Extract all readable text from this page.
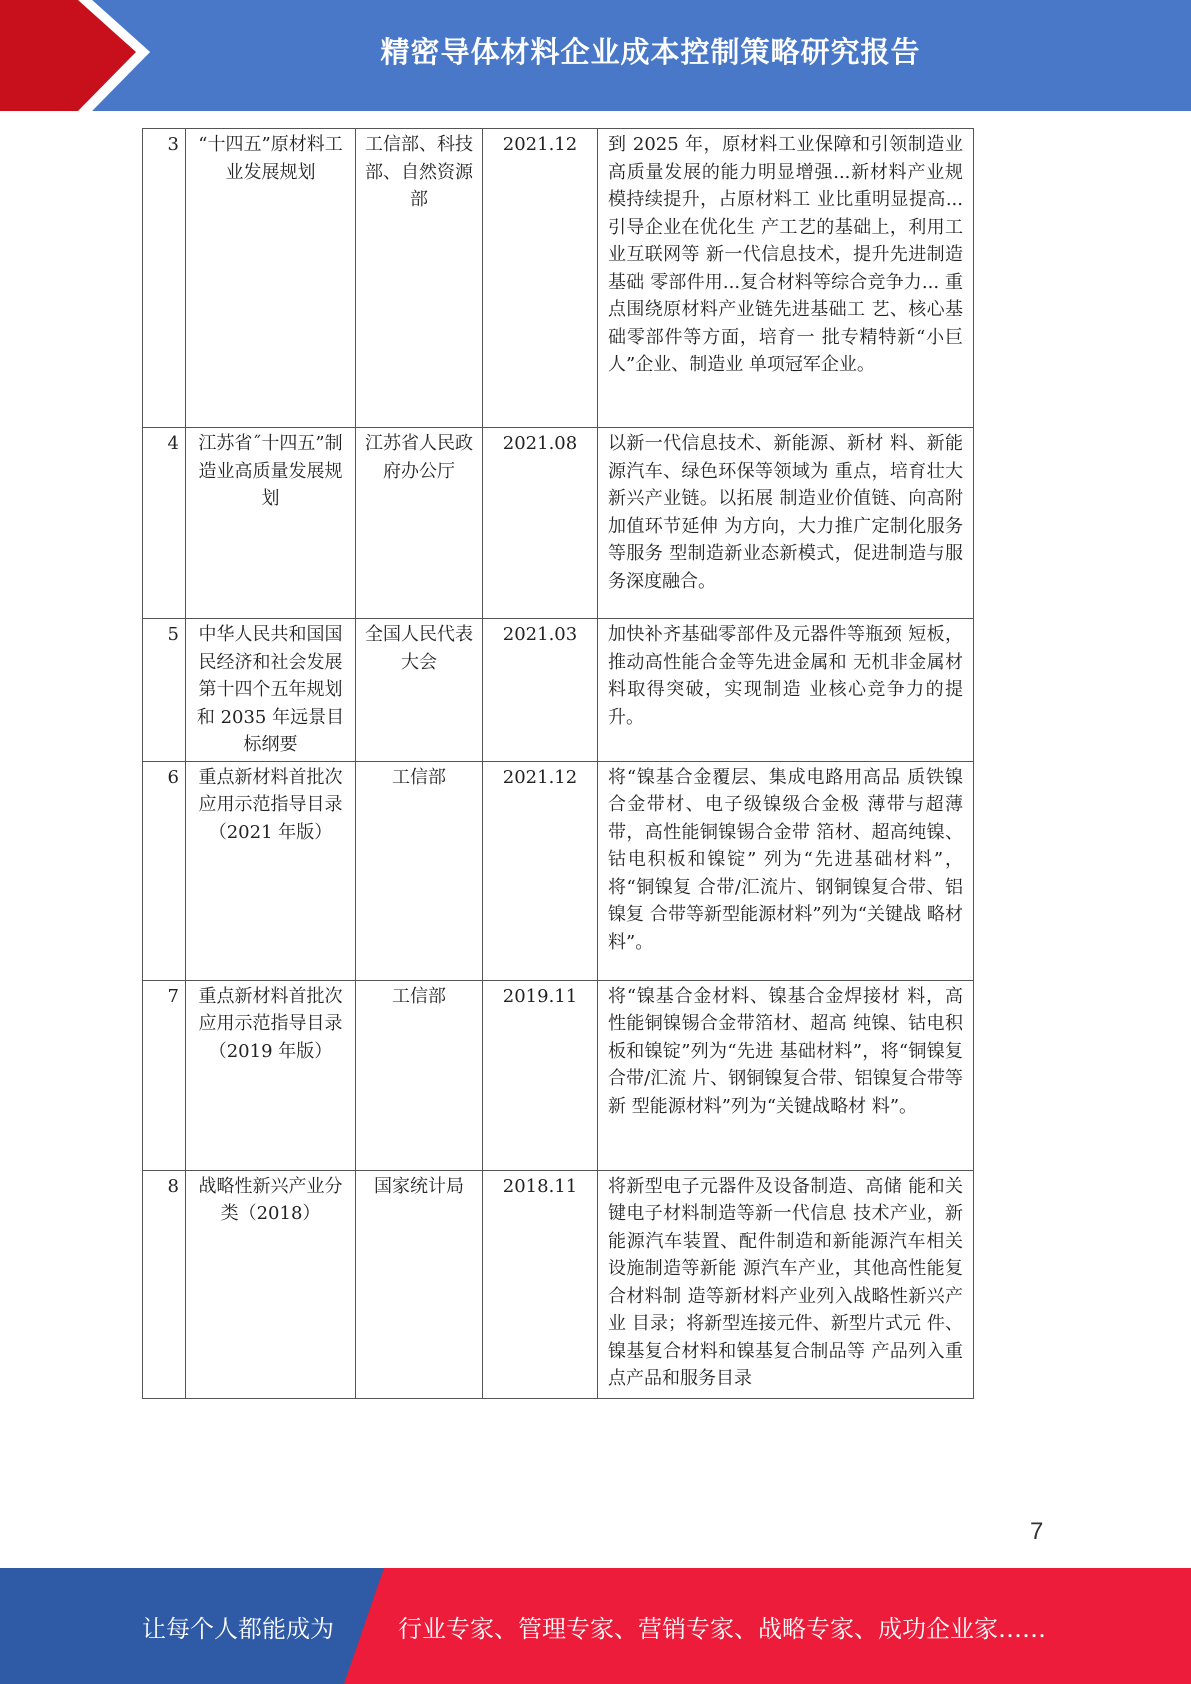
精密导体材料企业成本控制策略研究报告
3	“十四五”原材料工业发展规划	工信部、科技部、自然资源部	2021.12	到 2025 年，原材料工业保障和引领制造业高质量发展的能力明显增强...新材料产业规模持续提升，占原材料工 业比重明显提高...引导企业在优化生 产工艺的基础上，利用工业互联网等 新一代信息技术，提升先进制造基础 零部件用...复合材料等综合竞争力... 重点围绕原材料产业链先进基础工 艺、核心基础零部件等方面，培育一 批专精特新“小巨人”企业、制造业 单项冠军企业。
4	江苏省˝十四五”制造业高质量发展规划	江苏省人民政府办公厅	2021.08	以新一代信息技术、新能源、新材 料、新能源汽车、绿色环保等领域为 重点，培育壮大新兴产业链。以拓展 制造业价值链、向高附加值环节延伸 为方向，大力推广定制化服务等服务 型制造新业态新模式，促进制造与服 务深度融合。
5	中华人民共和国国民经济和社会发展第十四个五年规划和 2035 年远景目标纲要	全国人民代表大会	2021.03	加快补齐基础零部件及元器件等瓶颈 短板，推动高性能合金等先进金属和 无机非金属材料取得突破，实现制造 业核心竞争力的提升。
6	重点新材料首批次应用示范指导目录（2021 年版）	工信部	2021.12	将“镍基合金覆层、集成电路用高品 质铁镍合金带材、电子级镍级合金极 薄带与超薄带，高性能铜镍锡合金带 箔材、超高纯镍、钴电积板和镍锭” 列为“先进基础材料”，将“铜镍复 合带/汇流片、钢铜镍复合带、铝镍复 合带等新型能源材料”列为“关键战 略材料”。
7	重点新材料首批次应用示范指导目录（2019 年版）	工信部	2019.11	将“镍基合金材料、镍基合金焊接材 料，高性能铜镍锡合金带箔材、超高 纯镍、钴电积板和镍锭”列为“先进 基础材料”，将“铜镍复合带/汇流 片、钢铜镍复合带、铝镍复合带等新 型能源材料”列为“关键战略材 料”。
8	战略性新兴产业分类（2018）	国家统计局	2018.11	将新型电子元器件及设备制造、高储 能和关键电子材料制造等新一代信息 技术产业，新能源汽车装置、配件制造和新能源汽车相关设施制造等新能 源汽车产业，其他高性能复合材料制 造等新材料产业列入战略性新兴产业 目录；将新型连接元件、新型片式元 件、镍基复合材料和镍基复合制品等 产品列入重点产品和服务目录
7
让每个人都能成为	行业专家、管理专家、营销专家、战略专家、成功企业家……
